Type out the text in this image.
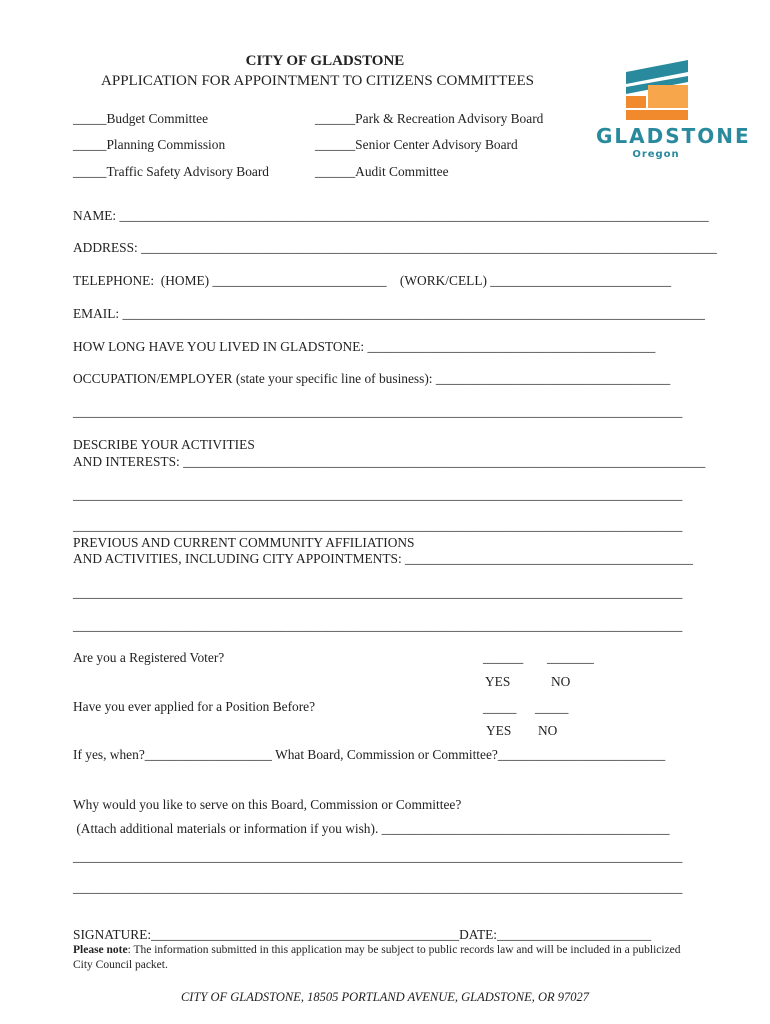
CITY OF GLADSTONE
APPLICATION FOR APPOINTMENT TO CITIZENS COMMITTEES
GLADSTONE
Oregon
_____Budget Committee
_____Planning Commission
_____Traffic Safety Advisory Board
______Park & Recreation Advisory Board
______Senior Center Advisory Board
______Audit Committee
NAME: ________________________________________________________________________________________
ADDRESS: ______________________________________________________________________________________
TELEPHONE:  (HOME) __________________________    (WORK/CELL) ___________________________
EMAIL: _______________________________________________________________________________________
HOW LONG HAVE YOU LIVED IN GLADSTONE: ___________________________________________
OCCUPATION/EMPLOYER (state your specific line of business): ___________________________________
___________________________________________________________________________________________
DESCRIBE YOUR ACTIVITIES
AND INTERESTS: ______________________________________________________________________________
___________________________________________________________________________________________
___________________________________________________________________________________________
PREVIOUS AND CURRENT COMMUNITY AFFILIATIONS
AND ACTIVITIES, INCLUDING CITY APPOINTMENTS: ___________________________________________
___________________________________________________________________________________________
___________________________________________________________________________________________
Are you a Registered Voter?	______ _______
YES	NO
Have you ever applied for a Position Before?	_____ _____
YES NO
If yes, when?___________________ What Board, Commission or Committee?_________________________
Why would you like to serve on this Board, Commission or Committee?
(Attach additional materials or information if you wish). ___________________________________________
___________________________________________________________________________________________
___________________________________________________________________________________________
SIGNATURE:______________________________________________DATE:_______________________
Please note: The information submitted in this application may be subject to public records law and will be included in a publicized City Council packet.
CITY OF GLADSTONE, 18505 PORTLAND AVENUE, GLADSTONE, OR 97027
